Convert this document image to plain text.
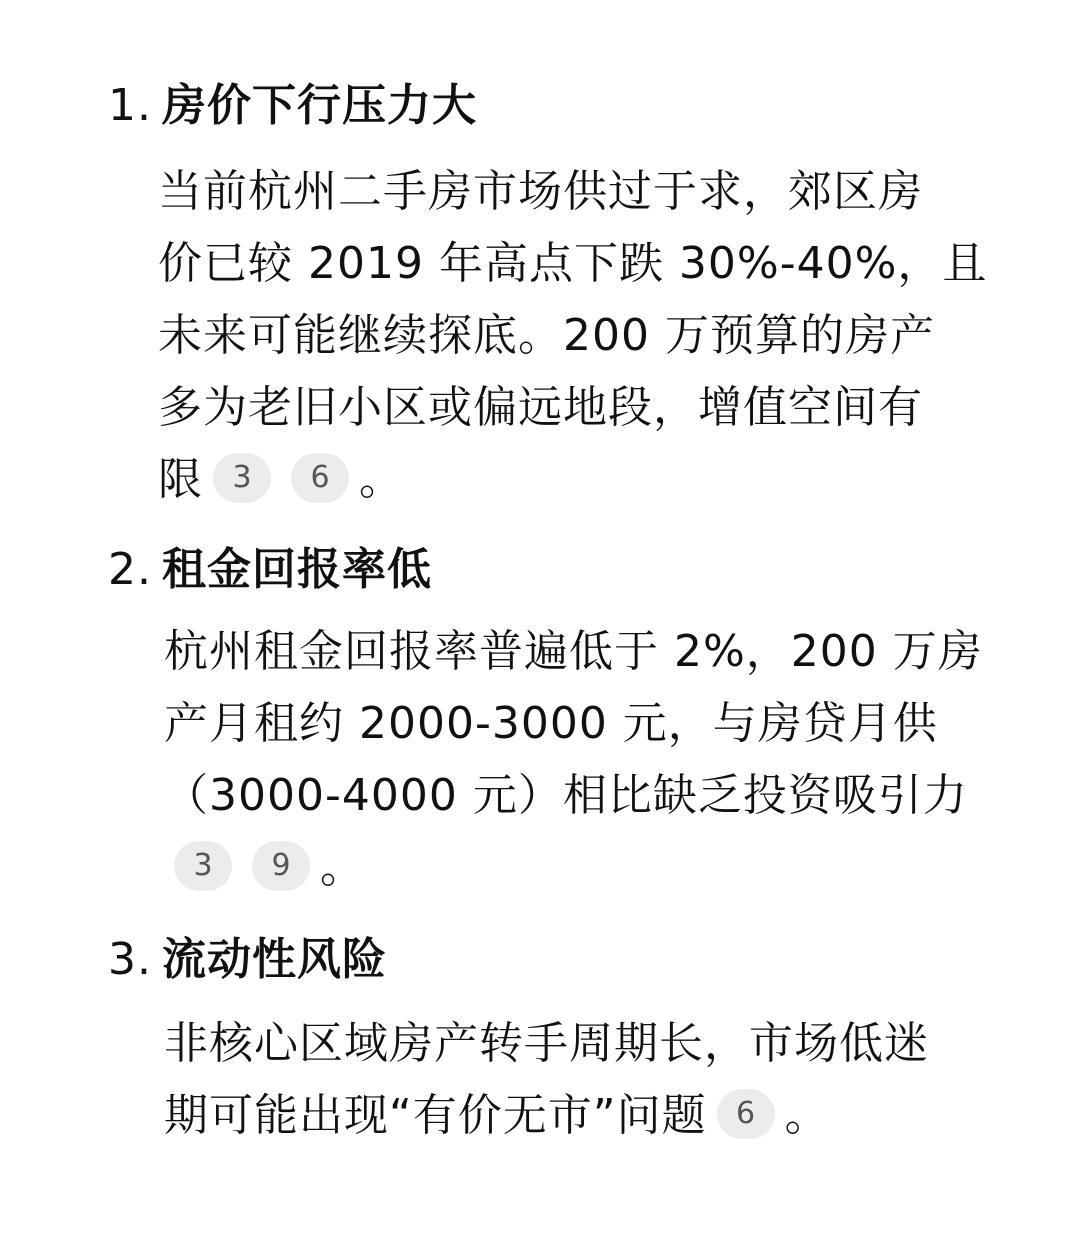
1. 房价下行压力大
当前杭州二手房市场供过于求，郊区房
价已较 2019 年高点下跌 30%-40%，且
未来可能继续探底。200 万预算的房产
多为老旧小区或偏远地段，增值空间有
限 3 6 。
2. 租金回报率低
杭州租金回报率普遍低于 2%，200 万房
产月租约 2000-3000 元，与房贷月供
（3000-4000 元）相比缺乏投资吸引力
3 9 。
3. 流动性风险
非核心区域房产转手周期长，市场低迷
期可能出现“有价无市”问题 6 。
